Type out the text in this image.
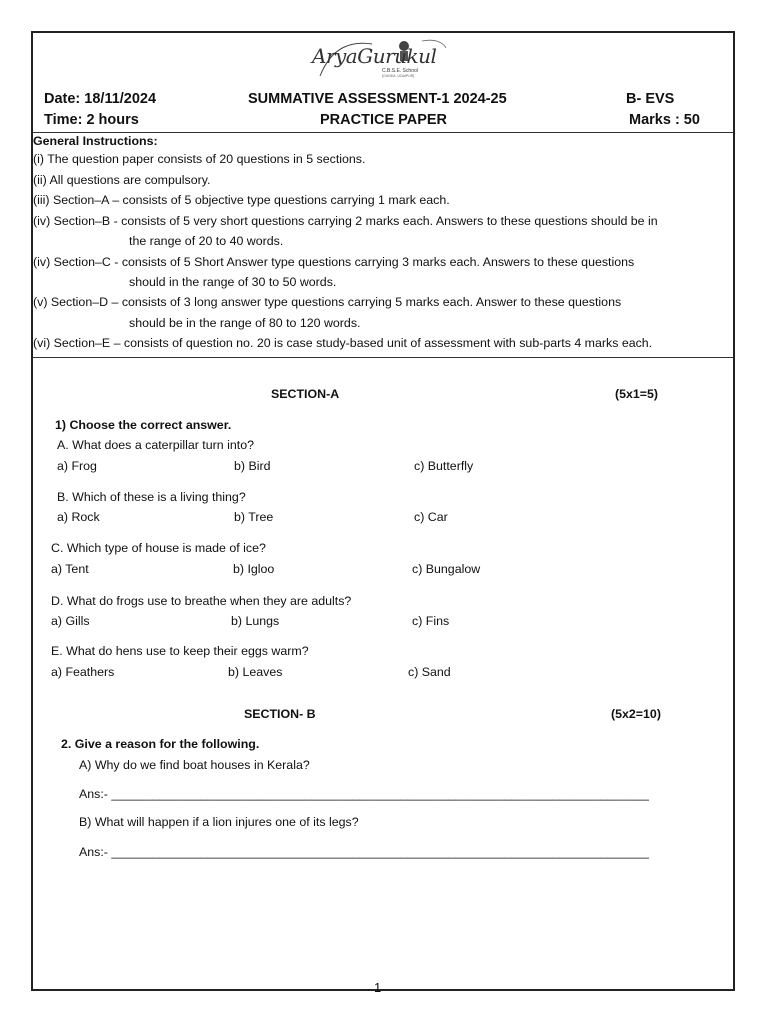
AryaGurukul
C.B.S.E. School
[GUNDA, UDAIPUR]
Date: 18/11/2024	SUMMATIVE ASSESSMENT-1 2024-25	B- EVS
Time: 2 hours	PRACTICE PAPER	Marks : 50
General Instructions:
(i) The question paper consists of 20 questions in 5 sections.
(ii) All questions are compulsory.
(iii) Section–A – consists of 5 objective type questions carrying 1 mark each.
(iv) Section–B - consists of 5 very short questions carrying 2 marks each. Answers to these questions should be in
the range of 20 to 40 words.
(iv) Section–C - consists of 5 Short Answer type questions carrying 3 marks each. Answers to these questions
should in the range of 30 to 50 words.
(v) Section–D – consists of 3 long answer type questions carrying 5 marks each. Answer to these questions
should be in the range of 80 to 120 words.
(vi) Section–E – consists of question no. 20 is case study-based unit of assessment with sub-parts 4 marks each.
SECTION-A	(5x1=5)
1) Choose the correct answer.
A. What does a caterpillar turn into?
a) Frog	b) Bird	c) Butterfly
B. Which of these is a living thing?
a) Rock	b) Tree	c) Car
C. Which type of house is made of ice?
a) Tent	b) Igloo	c) Bungalow
D. What do frogs use to breathe when they are adults?
a) Gills	b) Lungs	c) Fins
E. What do hens use to keep their eggs warm?
a) Feathers	b) Leaves	c) Sand
SECTION- B	(5x2=10)
2. Give a reason for the following.
A) Why do we find boat houses in Kerala?
Ans:- ______________________________________________________________________________
B) What will happen if a lion injures one of its legs?
Ans:- ______________________________________________________________________________
1
